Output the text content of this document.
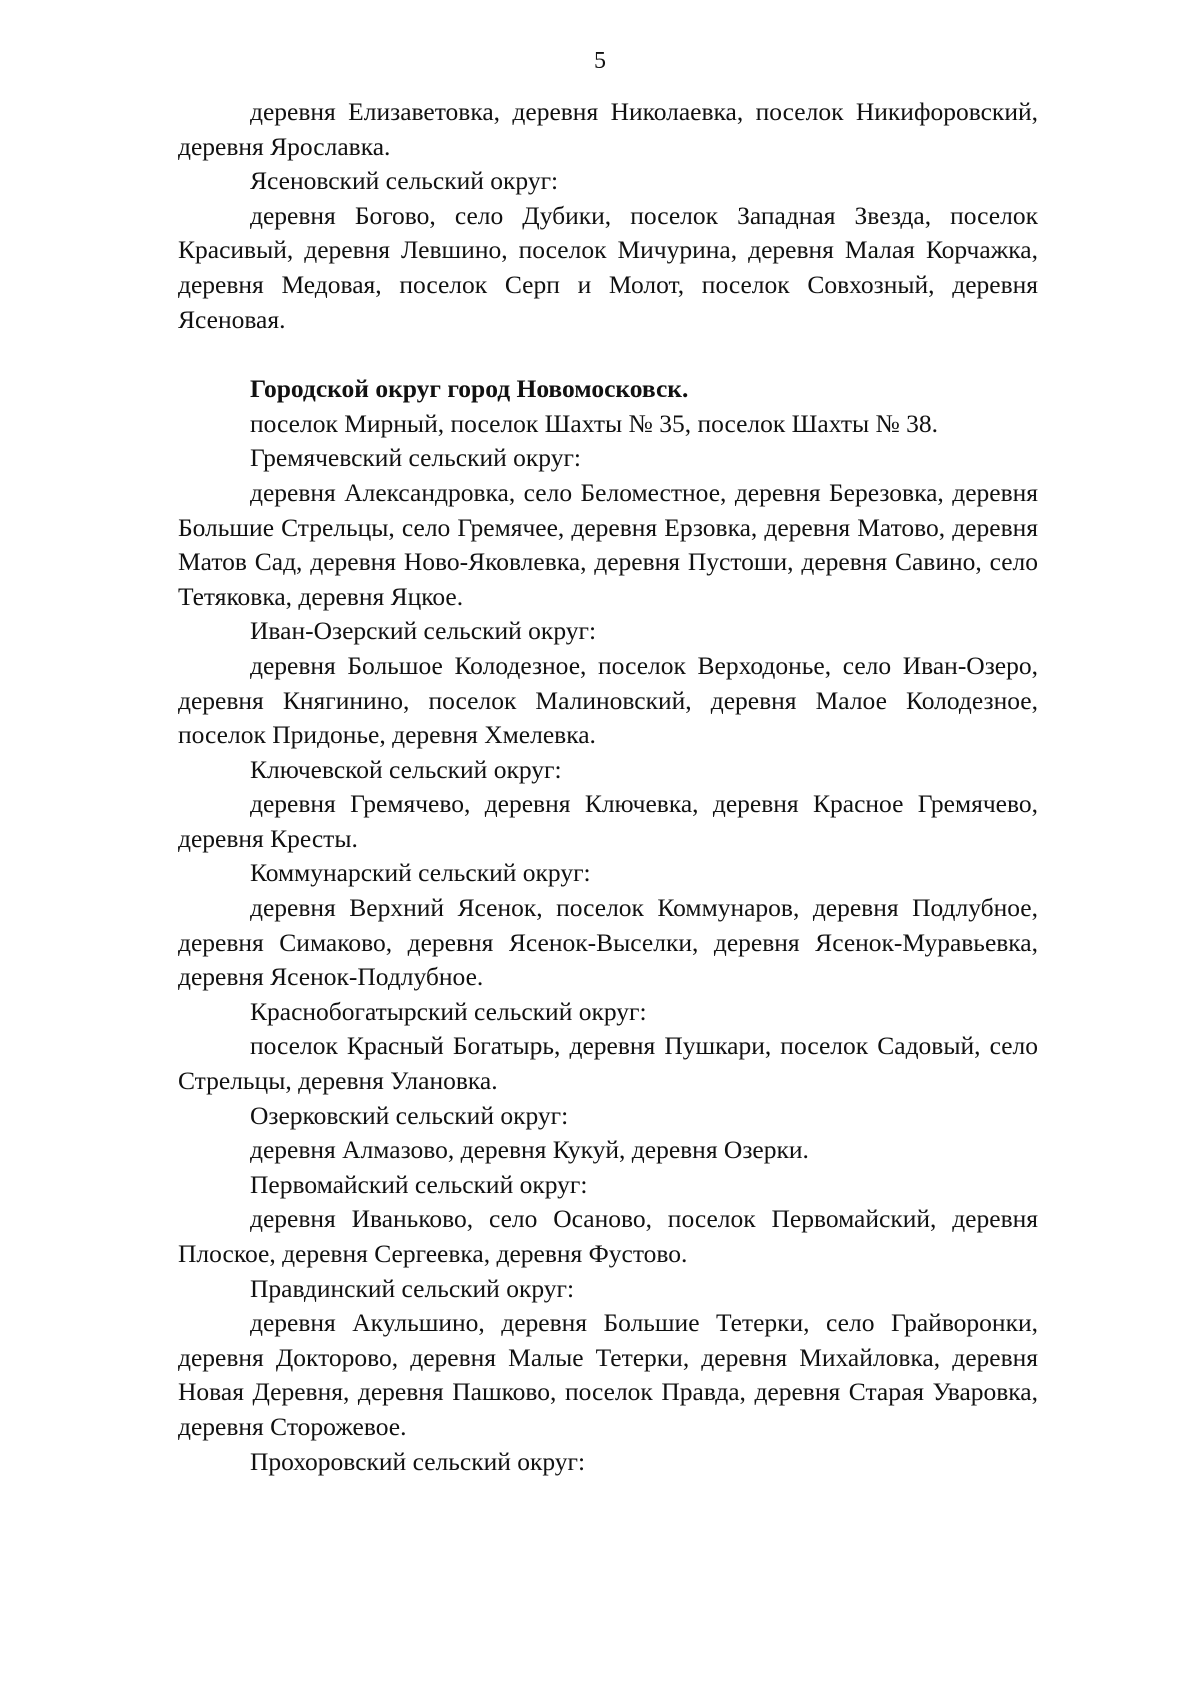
5

деревня Елизаветовка, деревня Николаевка, поселок Никифоровский, деревня Ярославка.

Ясеновский сельский округ:

деревня Богово, село Дубики, поселок Западная Звезда, поселок Красивый, деревня Левшино, поселок Мичурина, деревня Малая Корчажка, деревня Медовая, поселок Серп и Молот, поселок Совхозный, деревня Ясеновая.

Городской округ город Новомосковск.

поселок Мирный, поселок Шахты № 35, поселок Шахты № 38.

Гремячевский сельский округ:

деревня Александровка, село Беломестное, деревня Березовка, деревня Большие Стрельцы, село Гремячее, деревня Ерзовка, деревня Матово, деревня Матов Сад, деревня Ново-Яковлевка, деревня Пустоши, деревня Савино, село Тетяковка, деревня Яцкое.

Иван-Озерский сельский округ:

деревня Большое Колодезное, поселок Верходонье, село Иван-Озеро, деревня Княгинино, поселок Малиновский, деревня Малое Колодезное, поселок Придонье, деревня Хмелевка.

Ключевской сельский округ:

деревня Гремячево, деревня Ключевка, деревня Красное Гремячево, деревня Кресты.

Коммунарский сельский округ:

деревня Верхний Ясенок, поселок Коммунаров, деревня Подлубное, деревня Симаково, деревня Ясенок-Выселки, деревня Ясенок-Муравьевка, деревня Ясенок-Подлубное.

Краснобогатырский сельский округ:

поселок Красный Богатырь, деревня Пушкари, поселок Садовый, село Стрельцы, деревня Улановка.

Озерковский сельский округ:

деревня Алмазово, деревня Кукуй, деревня Озерки.

Первомайский сельский округ:

деревня Иваньково, село Осаново, поселок Первомайский, деревня Плоское, деревня Сергеевка, деревня Фустово.

Правдинский сельский округ:

деревня Акульшино, деревня Большие Тетерки, село Грайворонки, деревня Докторово, деревня Малые Тетерки, деревня Михайловка, деревня Новая Деревня, деревня Пашково, поселок Правда, деревня Старая Уваровка, деревня Сторожевое.

Прохоровский сельский округ:
